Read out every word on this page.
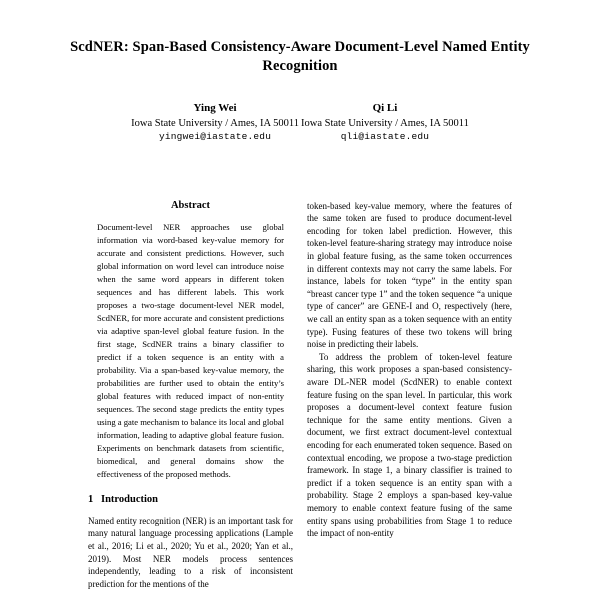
ScdNER: Span-Based Consistency-Aware Document-Level Named Entity Recognition
Ying Wei
Iowa State University / Ames, IA 50011
yingwei@iastate.edu
Qi Li
Iowa State University / Ames, IA 50011
qli@iastate.edu
Abstract

Document-level NER approaches use global information via word-based key-value memory for accurate and consistent predictions. However, such global information on word level can introduce noise when the same word appears in different token sequences and has different labels. This work proposes a two-stage document-level NER model, ScdNER, for more accurate and consistent predictions via adaptive span-level global feature fusion. In the first stage, ScdNER trains a binary classifier to predict if a token sequence is an entity with a probability. Via a span-based key-value memory, the probabilities are further used to obtain the entity’s global features with reduced impact of non-entity sequences. The second stage predicts the entity types using a gate mechanism to balance its local and global information, leading to adaptive global feature fusion. Experiments on benchmark datasets from scientific, biomedical, and general domains show the effectiveness of the proposed methods.

1 Introduction

Named entity recognition (NER) is an important task for many natural language processing applications (Lample et al., 2016; Li et al., 2020; Yu et al., 2020; Yan et al., 2019). Most NER models process sentences independently, leading to a risk of inconsistent prediction for the mentions of the

token-based key-value memory, where the features of the same token are fused to produce document-level encoding for token label prediction. However, this token-level feature-sharing strategy may introduce noise in global feature fusing, as the same token occurrences in different contexts may not carry the same labels. For instance, labels for token “type” in the entity span “breast cancer type 1” and the token sequence “a unique type of cancer” are GENE-I and O, respectively (here, we call an entity span as a token sequence with an entity type). Fusing features of these two tokens will bring noise in predicting their labels.

To address the problem of token-level feature sharing, this work proposes a span-based consistency-aware DL-NER model (ScdNER) to enable context feature fusing on the span level. In particular, this work proposes a document-level context feature fusion technique for the same entity mentions. Given a document, we first extract document-level contextual encoding for each enumerated token sequence. Based on contextual encoding, we propose a two-stage prediction framework. In stage 1, a binary classifier is trained to predict if a token sequence is an entity span with a probability. Stage 2 employs a span-based key-value memory to enable context feature fusing of the same entity spans using probabilities from Stage 1 to reduce the impact of non-entity
